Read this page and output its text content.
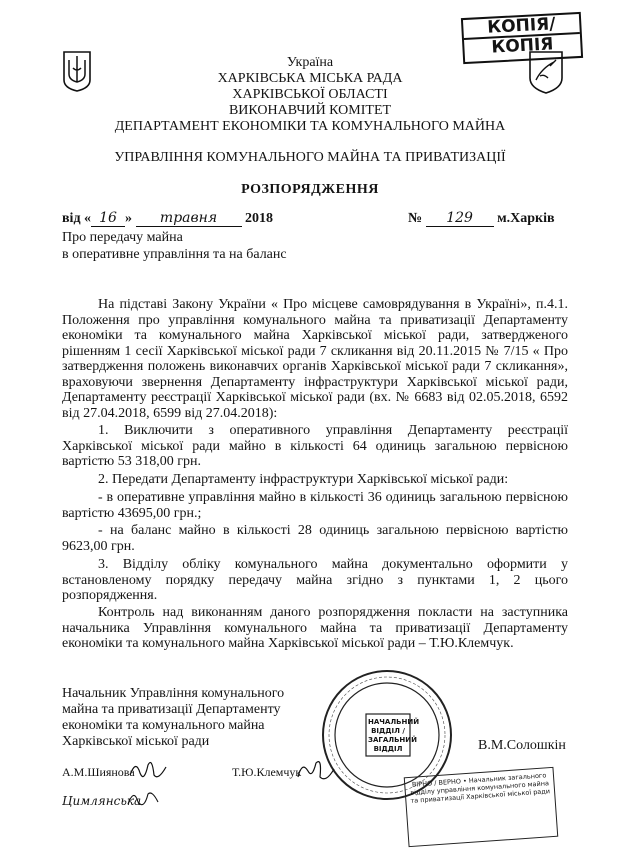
КОПІЯ/
КОПІЯ
Україна
ХАРКІВСЬКА МІСЬКА РАДА
ХАРКІВСЬКОЇ ОБЛАСТІ
ВИКОНАВЧИЙ КОМІТЕТ
ДЕПАРТАМЕНТ ЕКОНОМІКИ ТА КОМУНАЛЬНОГО МАЙНА
УПРАВЛІННЯ КОМУНАЛЬНОГО МАЙНА ТА ПРИВАТИЗАЦІЇ
РОЗПОРЯДЖЕННЯ
від « 16 » травня 2018	№ 129 м.Харків
Про передачу майна
в оперативне управління та на баланс
На підставі Закону України « Про місцеве самоврядування в Україні», п.4.1. Положення про управління комунального майна та приватизації Департаменту економіки та комунального майна Харківської міської ради, затвердженого рішенням 1 сесії Харківської міської ради 7 скликання від 20.11.2015 № 7/15 « Про затвердження положень виконавчих органів Харківської міської ради 7 скликання», враховуючи звернення Департаменту інфраструктури Харківської міської ради, Департаменту реєстрації Харківської міської ради (вх. № 6683 від 02.05.2018, 6592 від 27.04.2018, 6599 від 27.04.2018):
1. Виключити з оперативного управління Департаменту реєстрації Харківської міської ради майно в кількості 64 одиниць загальною первісною вартістю 53 318,00 грн.
2. Передати Департаменту інфраструктури Харківської міської ради:
- в оперативне управління майно в кількості 36 одиниць загальною первісною вартістю 43695,00 грн.;
- на баланс майно в кількості 28 одиниць загальною первісною вартістю 9623,00 грн.
3. Відділу обліку комунального майна документально оформити у встановленому порядку передачу майна згідно з пунктами 1, 2 цього розпорядження.
Контроль над виконанням даного розпорядження покласти на заступника начальника Управління комунального майна та приватизації Департаменту економіки та комунального майна Харківської міської ради – Т.Ю.Клемчук.
Начальник Управління комунального
майна та приватизації Департаменту
економіки та комунального майна
Харківської міської ради	В.М.Солошкін
НАЧАЛЬНИЙ ВІДДІЛ / ЗАГАЛЬНИЙ ВІДДІЛ
А.М.Шиянова	Т.Ю.Клемчук
Цимлянська
ВІРНО / ВЕРНО • Начальник загального відділу управління комунального майна та приватизації Харківської міської ради
